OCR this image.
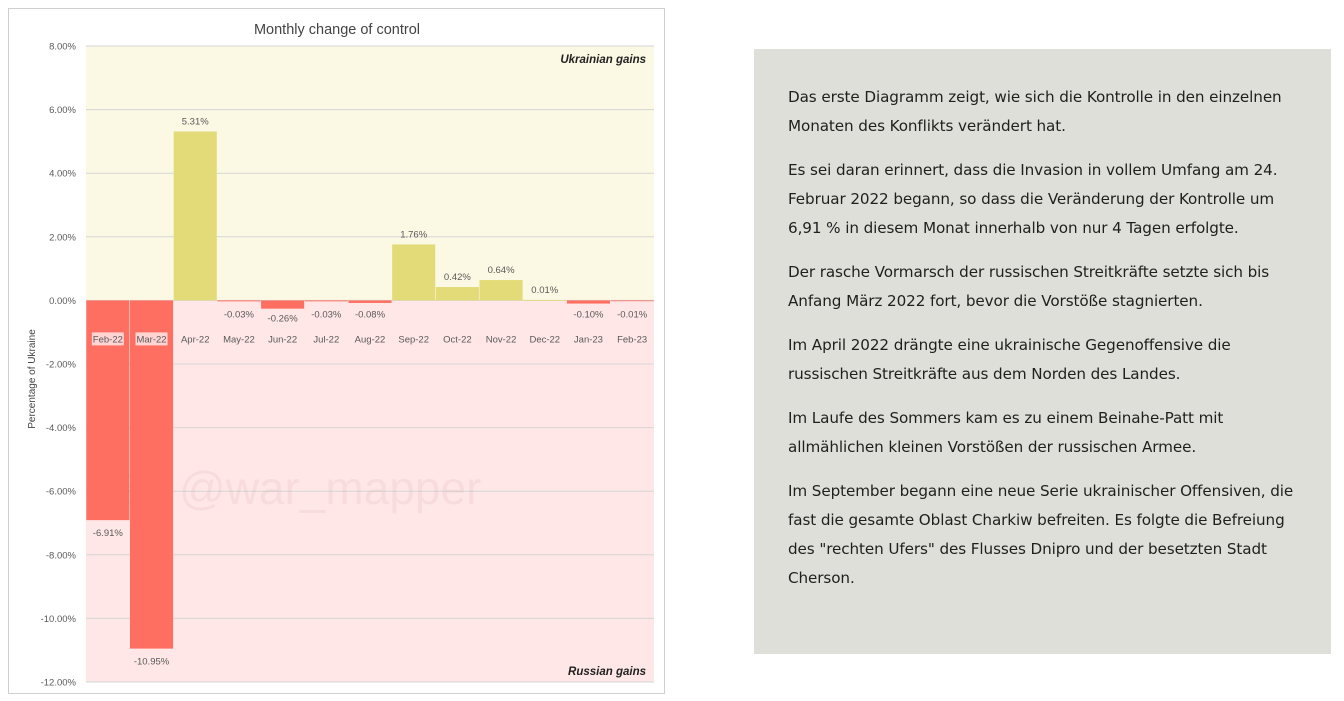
@war_mapper
8.00%
6.00%
4.00%
2.00%
0.00%
-2.00%
-4.00%
-6.00%
-8.00%
-10.00%
-12.00%
Feb-22 Mar-22 Apr-22 May-22 Jun-22 Jul-22 Aug-22 Sep-22 Oct-22 Nov-22 Dec-22 Jan-23 Feb-23
-6.91%
-10.95%
5.31%
-0.03% -0.26% -0.03% -0.08%
1.76%
0.42%
0.64%
0.01%
-0.10% -0.01%
Monthly change of control
Percentage of Ukraine
Ukrainian gains
Russian gains

Das erste Diagramm zeigt, wie sich die Kontrolle in den einzelnen Monaten des Konflikts verändert hat.

Es sei daran erinnert, dass die Invasion in vollem Umfang am 24. Februar 2022 begann, so dass die Veränderung der Kontrolle um 6,91 % in diesem Monat innerhalb von nur 4 Tagen erfolgte.

Der rasche Vormarsch der russischen Streitkräfte setzte sich bis Anfang März 2022 fort, bevor die Vorstöße stagnierten.

Im April 2022 drängte eine ukrainische Gegenoffensive die russischen Streitkräfte aus dem Norden des Landes.

Im Laufe des Sommers kam es zu einem Beinahe-Patt mit allmählichen kleinen Vorstößen der russischen Armee.

Im September begann eine neue Serie ukrainischer Offensiven, die fast die gesamte Oblast Charkiw befreiten. Es folgte die Befreiung des "rechten Ufers" des Flusses Dnipro und der besetzten Stadt Cherson.
